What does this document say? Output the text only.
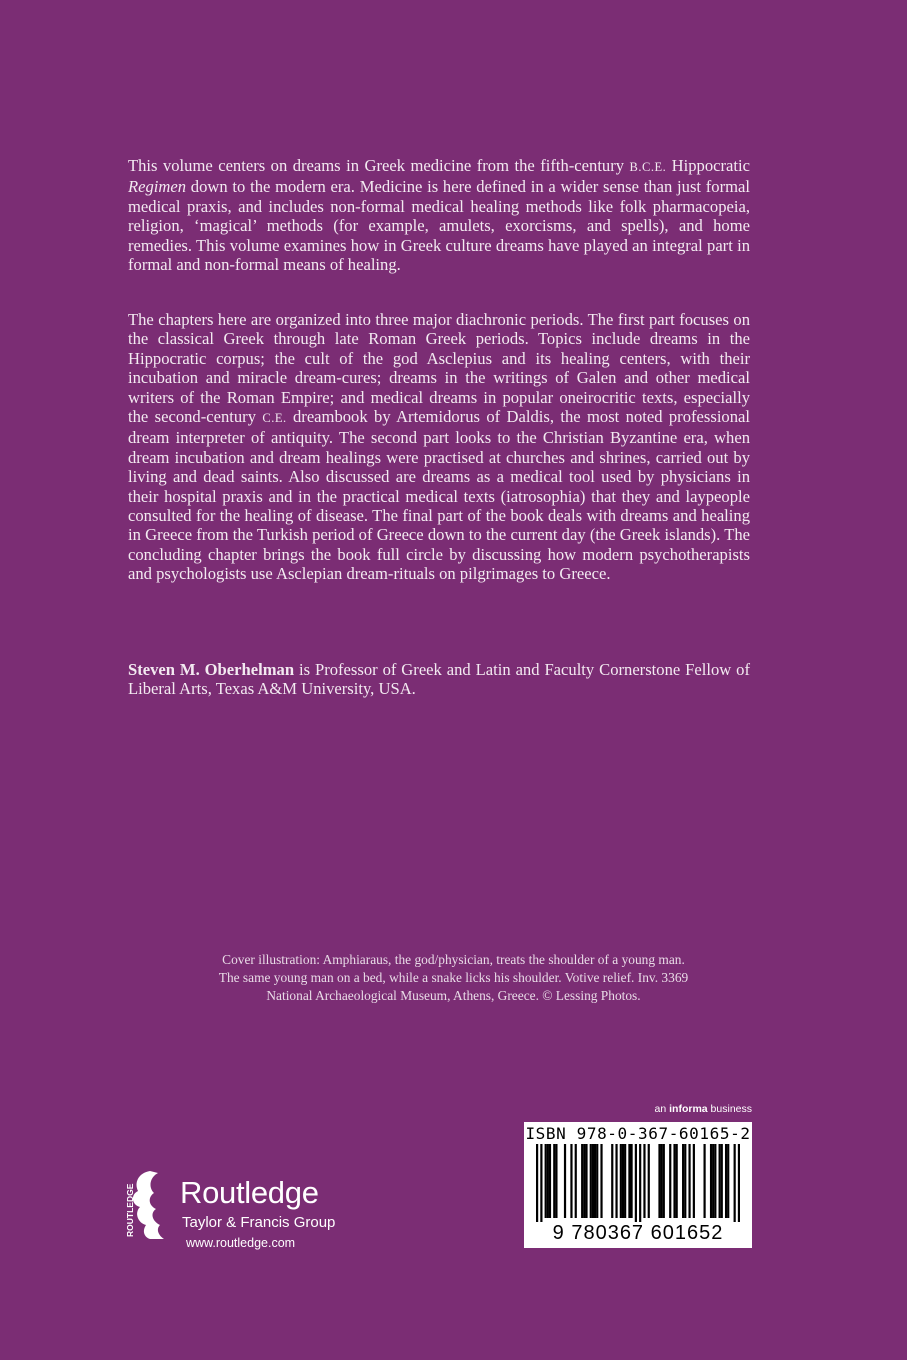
This volume centers on dreams in Greek medicine from the fifth-century B.C.E. Hippocratic Regimen down to the modern era. Medicine is here defined in a wider sense than just formal medical praxis, and includes non-formal medical healing methods like folk pharmacopeia, religion, ‘magical’ methods (for example, amulets, exorcisms, and spells), and home remedies. This volume examines how in Greek culture dreams have played an integral part in formal and non-formal means of healing.
The chapters here are organized into three major diachronic periods. The first part focuses on the classical Greek through late Roman Greek periods. Topics include dreams in the Hippocratic corpus; the cult of the god Asclepius and its healing centers, with their incubation and miracle dream-cures; dreams in the writings of Galen and other medical writers of the Roman Empire; and medical dreams in popular oneirocritic texts, especially the second-century C.E. dreambook by Artemidorus of Daldis, the most noted professional dream interpreter of antiquity. The second part looks to the Christian Byzantine era, when dream incubation and dream healings were practised at churches and shrines, carried out by living and dead saints. Also discussed are dreams as a medical tool used by physicians in their hospital praxis and in the practical medical texts (iatrosophia) that they and laypeople consulted for the healing of disease. The final part of the book deals with dreams and healing in Greece from the Turkish period of Greece down to the current day (the Greek islands). The concluding chapter brings the book full circle by discussing how modern psychotherapists and psychologists use Asclepian dream-rituals on pilgrimages to Greece.
Steven M. Oberhelman is Professor of Greek and Latin and Faculty Cornerstone Fellow of Liberal Arts, Texas A&M University, USA.
Cover illustration: Amphiaraus, the god/physician, treats the shoulder of a young man.
The same young man on a bed, while a snake licks his shoulder. Votive relief. Inv. 3369
National Archaeological Museum, Athens, Greece. © Lessing Photos.
an informa business
ISBN 978-0-367-60165-2
9 780367 601652
ROUTLEDGE Routledge
Taylor & Francis Group
www.routledge.com
